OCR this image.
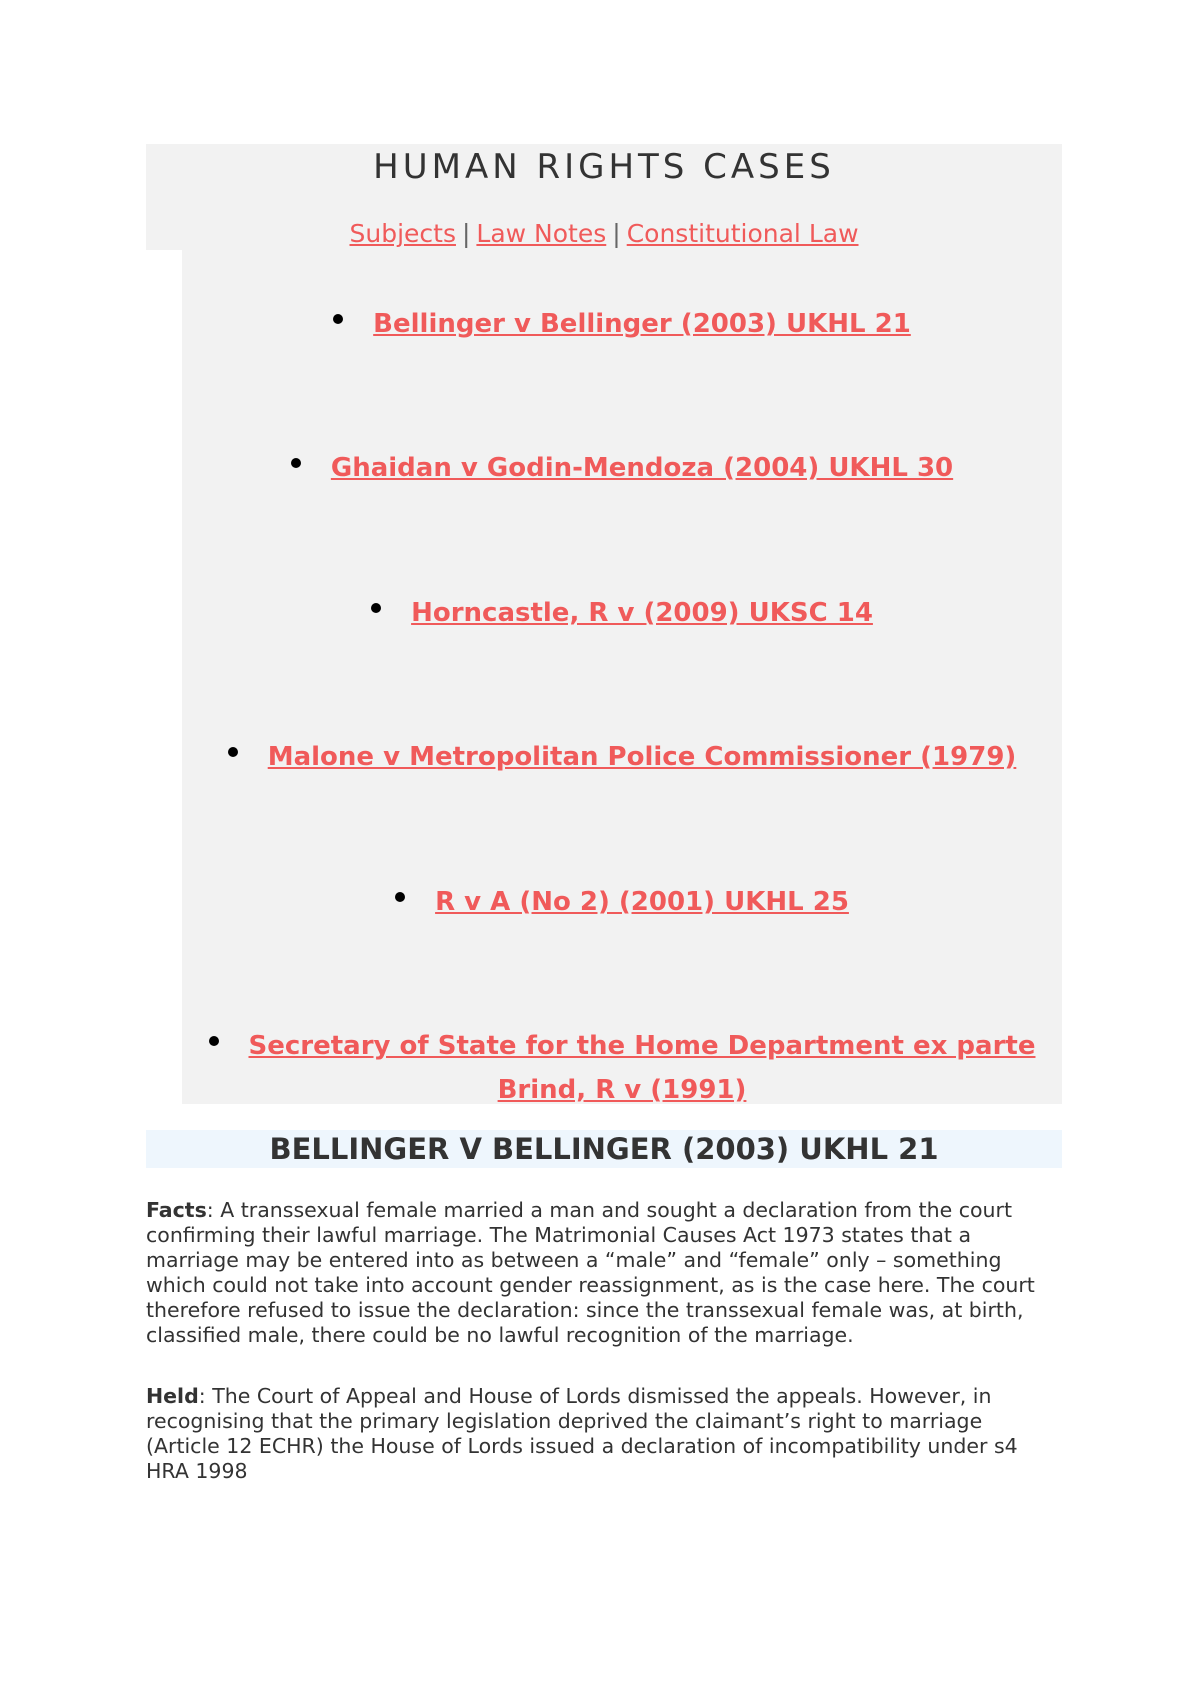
HUMAN RIGHTS CASES
Subjects | Law Notes | Constitutional Law
Bellinger v Bellinger (2003) UKHL 21
Ghaidan v Godin-Mendoza (2004) UKHL 30
Horncastle, R v (2009) UKSC 14
Malone v Metropolitan Police Commissioner (1979)
R v A (No 2) (2001) UKHL 25
Secretary of State for the Home Department ex parte
Brind, R v (1991)
BELLINGER V BELLINGER (2003) UKHL 21

Facts: A transsexual female married a man and sought a declaration from the court confirming their lawful marriage. The Matrimonial Causes Act 1973 states that a marriage may be entered into as between a “male” and “female” only – something which could not take into account gender reassignment, as is the case here. The court therefore refused to issue the declaration: since the transsexual female was, at birth, classified male, there could be no lawful recognition of the marriage.

Held: The Court of Appeal and House of Lords dismissed the appeals. However, in recognising that the primary legislation deprived the claimant’s right to marriage (Article 12 ECHR) the House of Lords issued a declaration of incompatibility under s4 HRA 1998
